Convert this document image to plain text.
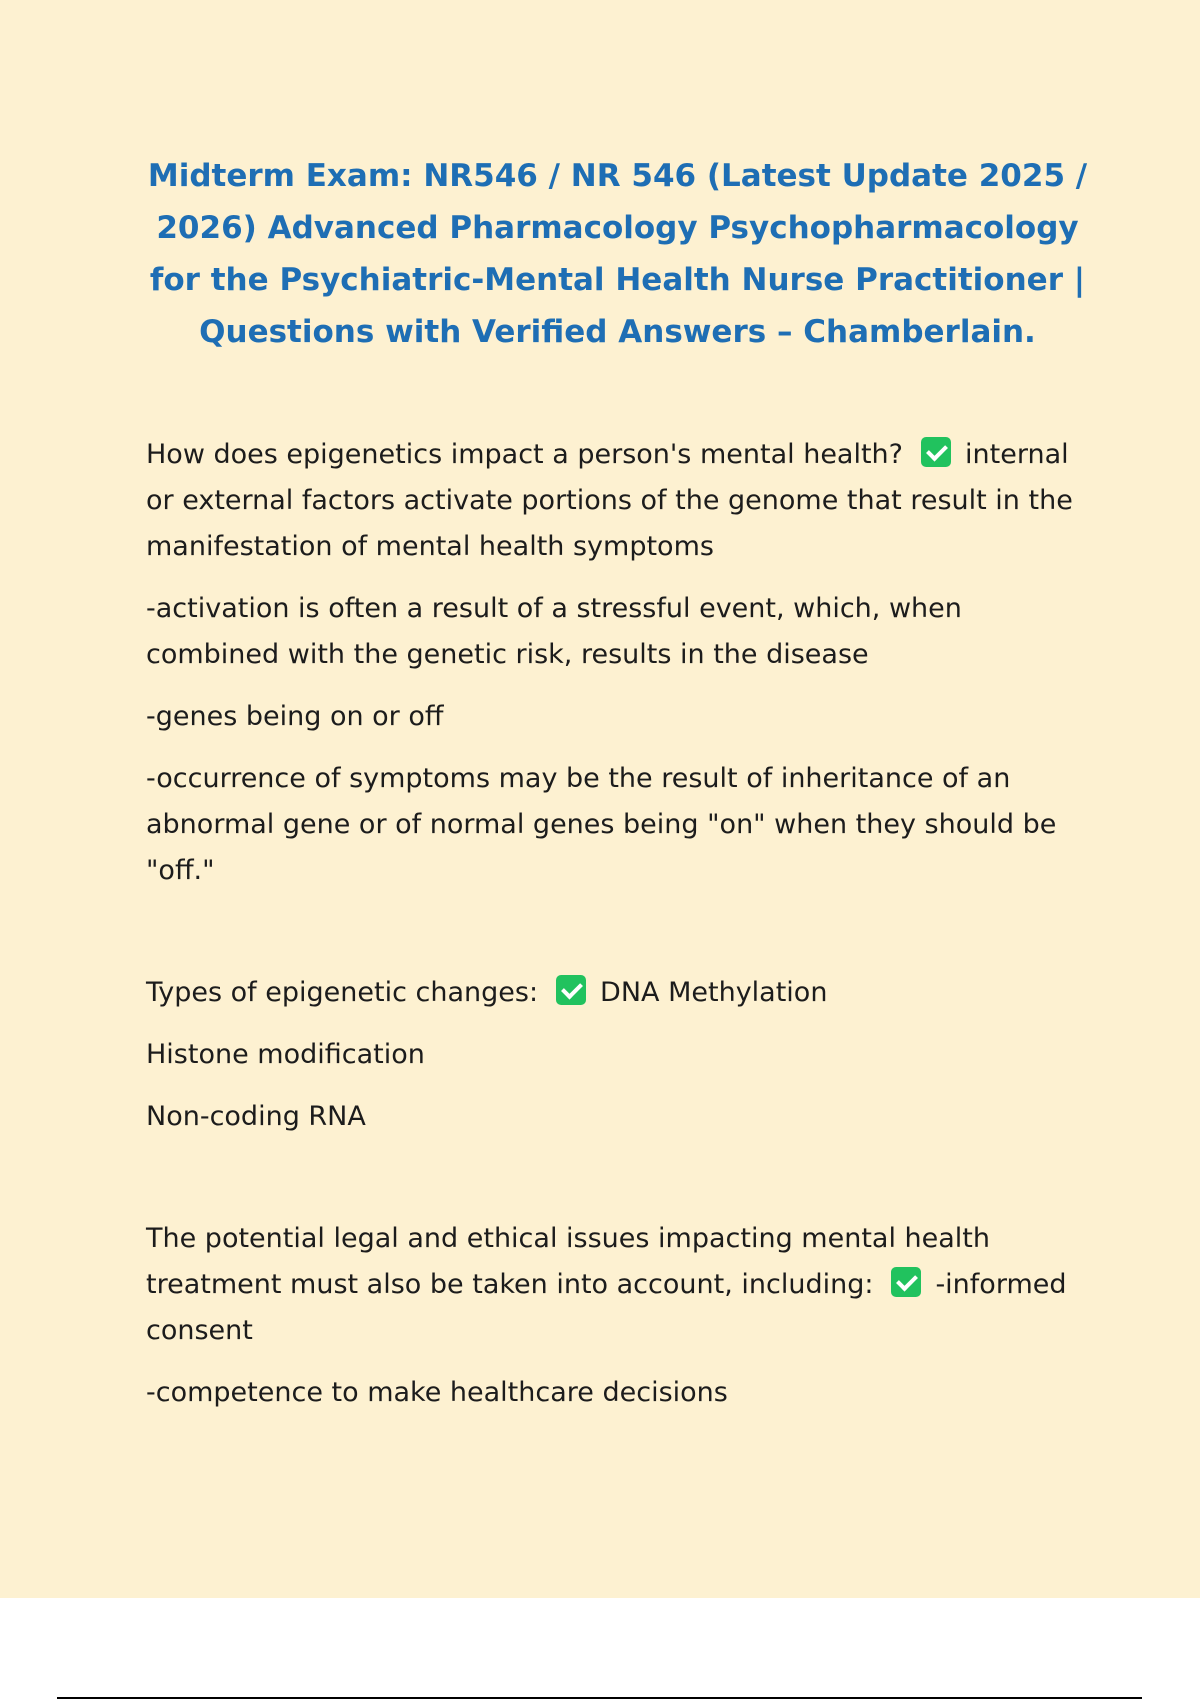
Midterm Exam: NR546 / NR 546 (Latest Update 2025 / 2026) Advanced Pharmacology Psychopharmacology for the Psychiatric-Mental Health Nurse Practitioner | Questions with Verified Answers – Chamberlain.

How does epigenetics impact a person's mental health? internal or external factors activate portions of the genome that result in the manifestation of mental health symptoms

-activation is often a result of a stressful event, which, when combined with the genetic risk, results in the disease

-genes being on or off

-occurrence of symptoms may be the result of inheritance of an abnormal gene or of normal genes being "on" when they should be "off."

Types of epigenetic changes: DNA Methylation

Histone modification

Non-coding RNA

The potential legal and ethical issues impacting mental health treatment must also be taken into account, including: -informed consent

-competence to make healthcare decisions
